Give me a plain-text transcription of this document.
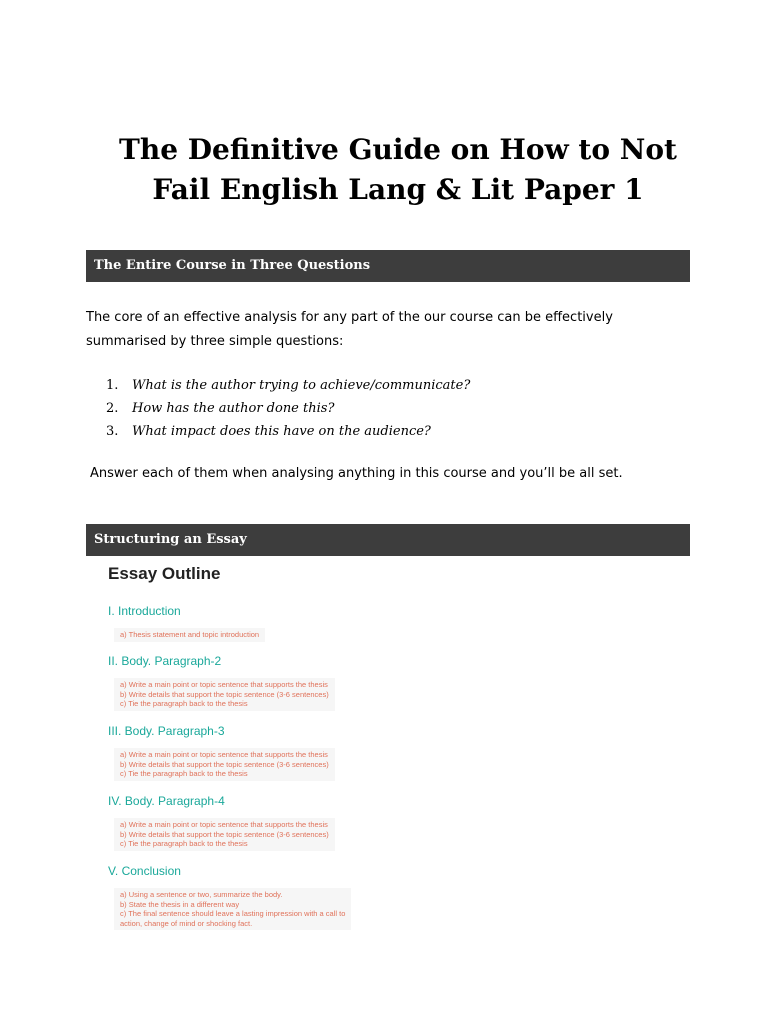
The Definitive Guide on How to Not
Fail English Lang & Lit Paper 1
The Entire Course in Three Questions

The core of an effective analysis for any part of the our course can be effectively
summarised by three simple questions:

1.	What is the author trying to achieve/communicate?
2.	How has the author done this?
3.	What impact does this have on the audience?

Answer each of them when analysing anything in this course and you’ll be all set.

Structuring an Essay
Essay Outline
I. Introduction
a) Thesis statement and topic introduction
II. Body. Paragraph-2
a) Write a main point or topic sentence that supports the thesis
b) Write details that support the topic sentence (3-6 sentences)
c) Tie the paragraph back to the thesis
III. Body. Paragraph-3
a) Write a main point or topic sentence that supports the thesis
b) Write details that support the topic sentence (3-6 sentences)
c) Tie the paragraph back to the thesis
IV. Body. Paragraph-4
a) Write a main point or topic sentence that supports the thesis
b) Write details that support the topic sentence (3-6 sentences)
c) Tie the paragraph back to the thesis
V. Conclusion
a) Using a sentence or two, summarize the body.
b) State the thesis in a different way
c) The final sentence should leave a lasting impression with a call to
action, change of mind or shocking fact.
